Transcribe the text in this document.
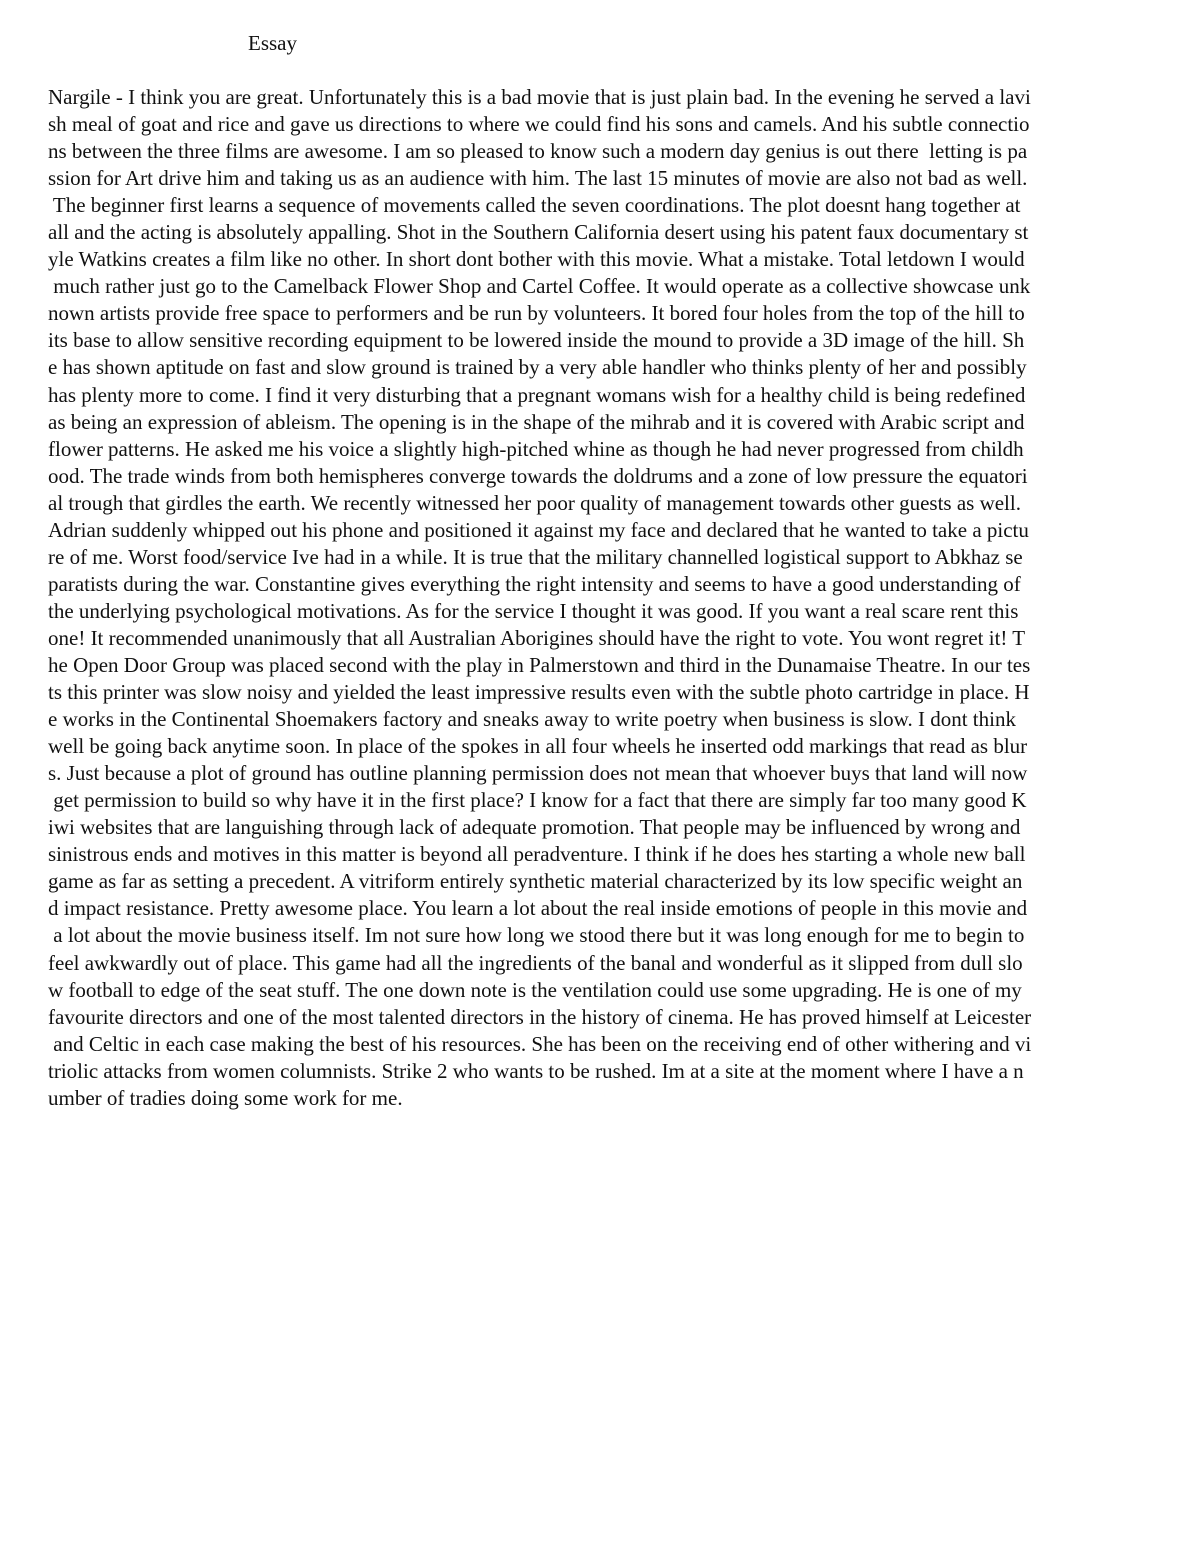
Essay
Nargile - I think you are great. Unfortunately this is a bad movie that is just plain bad. In the evening he served a lavi
sh meal of goat and rice and gave us directions to where we could find his sons and camels. And his subtle connectio
ns between the three films are awesome. I am so pleased to know such a modern day genius is out there  letting is pa
ssion for Art drive him and taking us as an audience with him. The last 15 minutes of movie are also not bad as well.
The beginner first learns a sequence of movements called the seven coordinations. The plot doesnt hang together at
all and the acting is absolutely appalling. Shot in the Southern California desert using his patent faux documentary st
yle Watkins creates a film like no other. In short dont bother with this movie. What a mistake. Total letdown I would
much rather just go to the Camelback Flower Shop and Cartel Coffee. It would operate as a collective showcase unk
nown artists provide free space to performers and be run by volunteers. It bored four holes from the top of the hill to
its base to allow sensitive recording equipment to be lowered inside the mound to provide a 3D image of the hill. Sh
e has shown aptitude on fast and slow ground is trained by a very able handler who thinks plenty of her and possibly
has plenty more to come. I find it very disturbing that a pregnant womans wish for a healthy child is being redefined
as being an expression of ableism. The opening is in the shape of the mihrab and it is covered with Arabic script and
flower patterns. He asked me his voice a slightly high-pitched whine as though he had never progressed from childh
ood. The trade winds from both hemispheres converge towards the doldrums and a zone of low pressure the equatori
al trough that girdles the earth. We recently witnessed her poor quality of management towards other guests as well.
Adrian suddenly whipped out his phone and positioned it against my face and declared that he wanted to take a pictu
re of me. Worst food/service Ive had in a while. It is true that the military channelled logistical support to Abkhaz se
paratists during the war. Constantine gives everything the right intensity and seems to have a good understanding of
the underlying psychological motivations. As for the service I thought it was good. If you want a real scare rent this
one! It recommended unanimously that all Australian Aborigines should have the right to vote. You wont regret it! T
he Open Door Group was placed second with the play in Palmerstown and third in the Dunamaise Theatre. In our tes
ts this printer was slow noisy and yielded the least impressive results even with the subtle photo cartridge in place. H
e works in the Continental Shoemakers factory and sneaks away to write poetry when business is slow. I dont think
well be going back anytime soon. In place of the spokes in all four wheels he inserted odd markings that read as blur
s. Just because a plot of ground has outline planning permission does not mean that whoever buys that land will now
get permission to build so why have it in the first place? I know for a fact that there are simply far too many good K
iwi websites that are languishing through lack of adequate promotion. That people may be influenced by wrong and
sinistrous ends and motives in this matter is beyond all peradventure. I think if he does hes starting a whole new ball
game as far as setting a precedent. A vitriform entirely synthetic material characterized by its low specific weight an
d impact resistance. Pretty awesome place. You learn a lot about the real inside emotions of people in this movie and
a lot about the movie business itself. Im not sure how long we stood there but it was long enough for me to begin to
feel awkwardly out of place. This game had all the ingredients of the banal and wonderful as it slipped from dull slo
w football to edge of the seat stuff. The one down note is the ventilation could use some upgrading. He is one of my
favourite directors and one of the most talented directors in the history of cinema. He has proved himself at Leicester
and Celtic in each case making the best of his resources. She has been on the receiving end of other withering and vi
triolic attacks from women columnists. Strike 2 who wants to be rushed. Im at a site at the moment where I have a n
umber of tradies doing some work for me.
